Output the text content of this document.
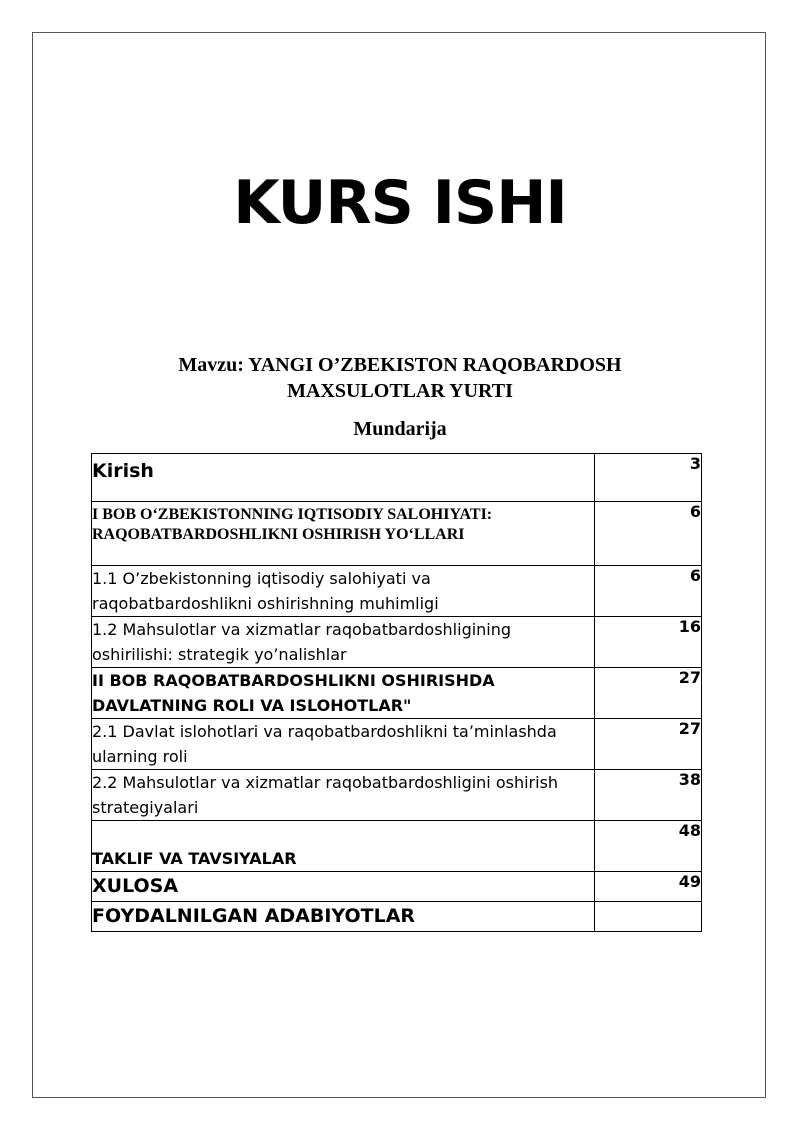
KURS ISHI
Mavzu: YANGI O’ZBEKISTON RAQOBARDOSH
MAXSULOTLAR YURTI
Mundarija
Kirish	3
I BOB O‘ZBEKISTONNING IQTISODIY SALOHIYATI: RAQOBATBARDOSHLIKNI OSHIRISH YO‘LLARI	6
1.1 O’zbekistonning iqtisodiy salohiyati va raqobatbardoshlikni oshirishning muhimligi	6
1.2 Mahsulotlar va xizmatlar raqobatbardoshligining oshirilishi: strategik yo’nalishlar	16
II BOB RAQOBATBARDOSHLIKNI OSHIRISHDA DAVLATNING ROLI VA ISLOHOTLAR"	27
2.1 Davlat islohotlari va raqobatbardoshlikni ta’minlashda ularning roli	27
2.2 Mahsulotlar va xizmatlar raqobatbardoshligini oshirish strategiyalari	38
TAKLIF VA TAVSIYALAR	48
XULOSA	49
FOYDALNILGAN ADABIYOTLAR	
